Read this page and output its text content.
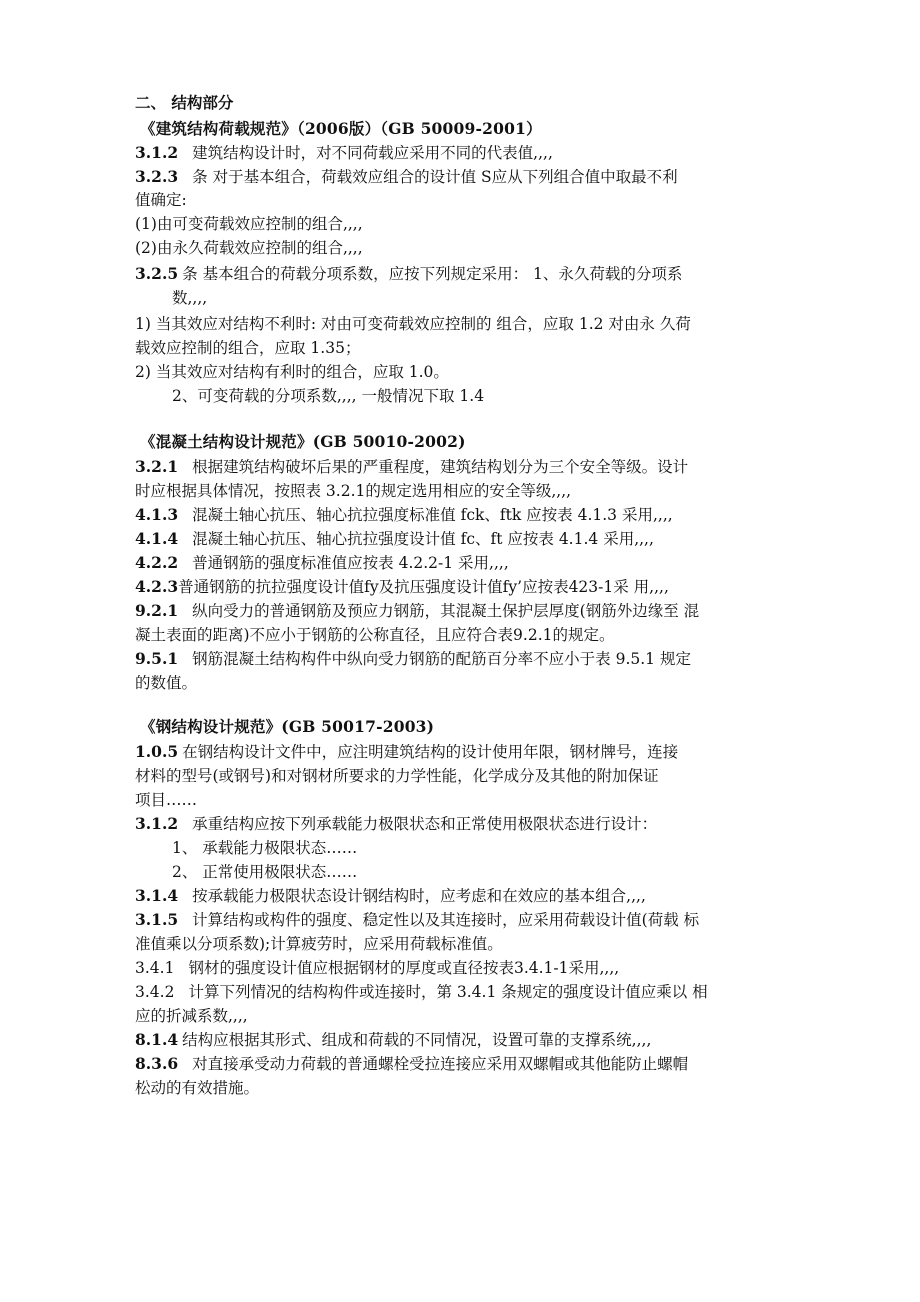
二、 结构部分
《建筑结构荷载规范》（2006版）（GB 50009-2001）
3.1.2 建筑结构设计时，对不同荷载应采用不同的代表值,,,,
3.2.3 条 对于基本组合，荷载效应组合的设计值 S应从下列组合值中取最不利
值确定:
(1)由可变荷载效应控制的组合,,,,
(2)由永久荷载效应控制的组合,,,,
3.2.5 条 基本组合的荷载分项系数，应按下列规定采用： 1、永久荷载的分项系
数,,,,
1) 当其效应对结构不利时: 对由可变荷载效应控制的 组合，应取 1.2 对由永 久荷
载效应控制的组合，应取 1.35；
2) 当其效应对结构有利时的组合，应取 1.0。
2、可变荷载的分项系数,,,, 一般情况下取 1.4
《混凝土结构设计规范》(GB 50010-2002)
3.2.1 根据建筑结构破坏后果的严重程度，建筑结构划分为三个安全等级。设计
时应根据具体情况，按照表 3.2.1的规定选用相应的安全等级,,,,
4.1.3 混凝土轴心抗压、轴心抗拉强度标准值 fck、ftk 应按表 4.1.3 采用,,,,
4.1.4 混凝土轴心抗压、轴心抗拉强度设计值 fc、ft 应按表 4.1.4 采用,,,,
4.2.2 普通钢筋的强度标准值应按表 4.2.2-1 采用,,,,
4.2.3普通钢筋的抗拉强度设计值fy及抗压强度设计值fy’应按表423-1采 用,,,,
9.2.1 纵向受力的普通钢筋及预应力钢筋，其混凝土保护层厚度(钢筋外边缘至 混
凝土表面的距离)不应小于钢筋的公称直径，且应符合表9.2.1的规定。
9.5.1 钢筋混凝土结构构件中纵向受力钢筋的配筋百分率不应小于表 9.5.1 规定
的数值。
《钢结构设计规范》(GB 50017-2003)
1.0.5 在钢结构设计文件中，应注明建筑结构的设计使用年限，钢材牌号，连接
材料的型号(或钢号)和对钢材所要求的力学性能，化学成分及其他的附加保证
项目……
3.1.2 承重结构应按下列承载能力极限状态和正常使用极限状态进行设计：
1、 承载能力极限状态……
2、 正常使用极限状态……
3.1.4 按承载能力极限状态设计钢结构时，应考虑和在效应的基本组合,,,,
3.1.5 计算结构或构件的强度、稳定性以及其连接时，应采用荷载设计值(荷载 标
准值乘以分项系数);计算疲劳时，应采用荷载标准值。
3.4.1 钢材的强度设计值应根据钢材的厚度或直径按表3.4.1-1采用,,,,
3.4.2 计算下列情况的结构构件或连接时，第 3.4.1 条规定的强度设计值应乘以 相
应的折减系数,,,,
8.1.4 结构应根据其形式、组成和荷载的不同情况，设置可靠的支撑系统,,,,
8.3.6 对直接承受动力荷载的普通螺栓受拉连接应采用双螺帽或其他能防止螺帽
松动的有效措施。
